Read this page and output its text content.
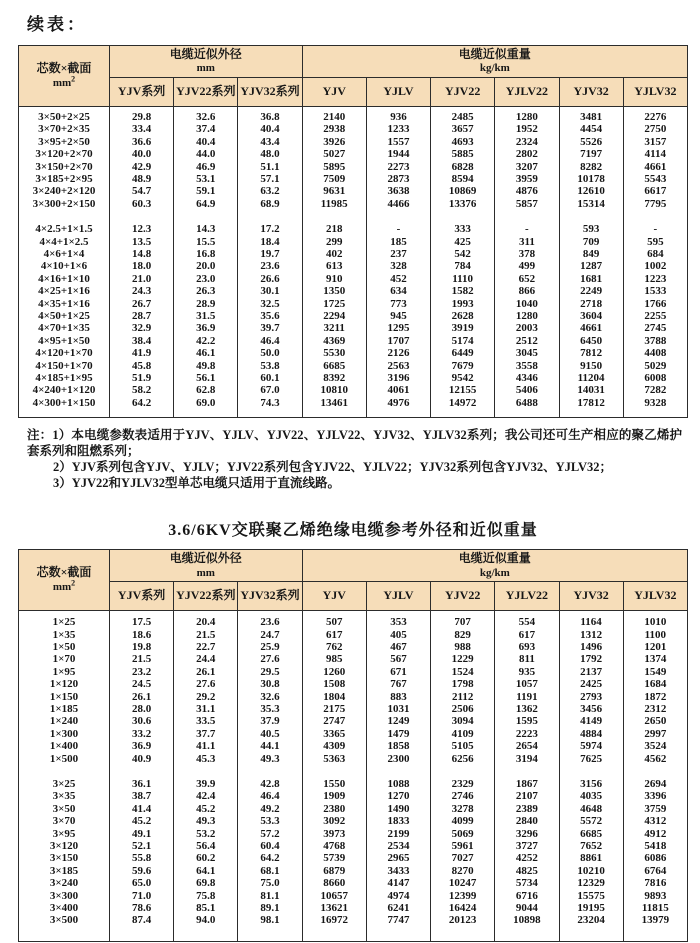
续表：
芯数×截面
$mm^2$	电缆近似外径
mm			电缆近似重量
kg/km					
	YJV系列	YJV22系列	YJV32系列	YJV	YJLV	YJV22	YJLV22	YJV32	YJLV32

3×50+2×25	29.8	32.6	36.8	2140	936	2485	1280	3481	2276
3×70+2×35	33.4	37.4	40.4	2938	1233	3657	1952	4454	2750
3×95+2×50	36.6	40.4	43.4	3926	1557	4693	2324	5526	3157
3×120+2×70	40.0	44.0	48.0	5027	1944	5885	2802	7197	4114
3×150+2×70	42.9	46.9	51.1	5895	2273	6828	3207	8282	4661
3×185+2×95	48.9	53.1	57.1	7509	2873	8594	3959	10178	5543
3×240+2×120	54.7	59.1	63.2	9631	3638	10869	4876	12610	6617
3×300+2×150	60.3	64.9	68.9	11985	4466	13376	5857	15314	7795

4×2.5+1×1.5	12.3	14.3	17.2	218	-	333	-	593	-
4×4+1×2.5	13.5	15.5	18.4	299	185	425	311	709	595
4×6+1×4	14.8	16.8	19.7	402	237	542	378	849	684
4×10+1×6	18.0	20.0	23.6	613	328	784	499	1287	1002
4×16+1×10	21.0	23.0	26.6	910	452	1110	652	1681	1223
4×25+1×16	24.3	26.3	30.1	1350	634	1582	866	2249	1533
4×35+1×16	26.7	28.9	32.5	1725	773	1993	1040	2718	1766
4×50+1×25	28.7	31.5	35.6	2294	945	2628	1280	3604	2255
4×70+1×35	32.9	36.9	39.7	3211	1295	3919	2003	4661	2745
4×95+1×50	38.4	42.2	46.4	4369	1707	5174	2512	6450	3788
4×120+1×70	41.9	46.1	50.0	5530	2126	6449	3045	7812	4408
4×150+1×70	45.8	49.8	53.8	6685	2563	7679	3558	9150	5029
4×185+1×95	51.9	56.1	60.1	8392	3196	9542	4346	11204	6008
4×240+1×120	58.2	62.8	67.0	10810	4061	12155	5406	14031	7282
4×300+1×150	64.2	69.0	74.3	13461	4976	14972	6488	17812	9328

注：1）本电缆参数表适用于YJV、YJLV、YJV22、YJLV22、YJV32、YJLV32系列；我公司还可生产相应的聚乙烯护套系列和阻燃系列；

2）YJV系列包含YJV、YJLV；YJV22系列包含YJV22、YJLV22；YJV32系列包含YJV32、YJLV32；

3）YJV22和YJLV32型单芯电缆只适用于直流线路。

3.6/6KV交联聚乙烯绝缘电缆参考外径和近似重量
芯数×截面
$mm^2$	电缆近似外径
mm			电缆近似重量
kg/km					
	YJV系列	YJV22系列	YJV32系列	YJV	YJLV	YJV22	YJLV22	YJV32	YJLV32

1×25	17.5	20.4	23.6	507	353	707	554	1164	1010
1×35	18.6	21.5	24.7	617	405	829	617	1312	1100
1×50	19.8	22.7	25.9	762	467	988	693	1496	1201
1×70	21.5	24.4	27.6	985	567	1229	811	1792	1374
1×95	23.2	26.1	29.5	1260	671	1524	935	2137	1549
1×120	24.5	27.6	30.8	1508	767	1798	1057	2425	1684
1×150	26.1	29.2	32.6	1804	883	2112	1191	2793	1872
1×185	28.0	31.1	35.3	2175	1031	2506	1362	3456	2312
1×240	30.6	33.5	37.9	2747	1249	3094	1595	4149	2650
1×300	33.2	37.7	40.5	3365	1479	4109	2223	4884	2997
1×400	36.9	41.1	44.1	4309	1858	5105	2654	5974	3524
1×500	40.9	45.3	49.3	5363	2300	6256	3194	7625	4562

3×25	36.1	39.9	42.8	1550	1088	2329	1867	3156	2694
3×35	38.7	42.4	46.4	1909	1270	2746	2107	4035	3396
3×50	41.4	45.2	49.2	2380	1490	3278	2389	4648	3759
3×70	45.2	49.3	53.3	3092	1833	4099	2840	5572	4312
3×95	49.1	53.2	57.2	3973	2199	5069	3296	6685	4912
3×120	52.1	56.4	60.4	4768	2534	5961	3727	7652	5418
3×150	55.8	60.2	64.2	5739	2965	7027	4252	8861	6086
3×185	59.6	64.1	68.1	6879	3433	8270	4825	10210	6764
3×240	65.0	69.8	75.0	8660	4147	10247	5734	12329	7816
3×300	71.0	75.8	81.1	10657	4974	12399	6716	15575	9893
3×400	78.6	85.1	89.1	13621	6241	16424	9044	19195	11815
3×500	87.4	94.0	98.1	16972	7747	20123	10898	23204	13979
